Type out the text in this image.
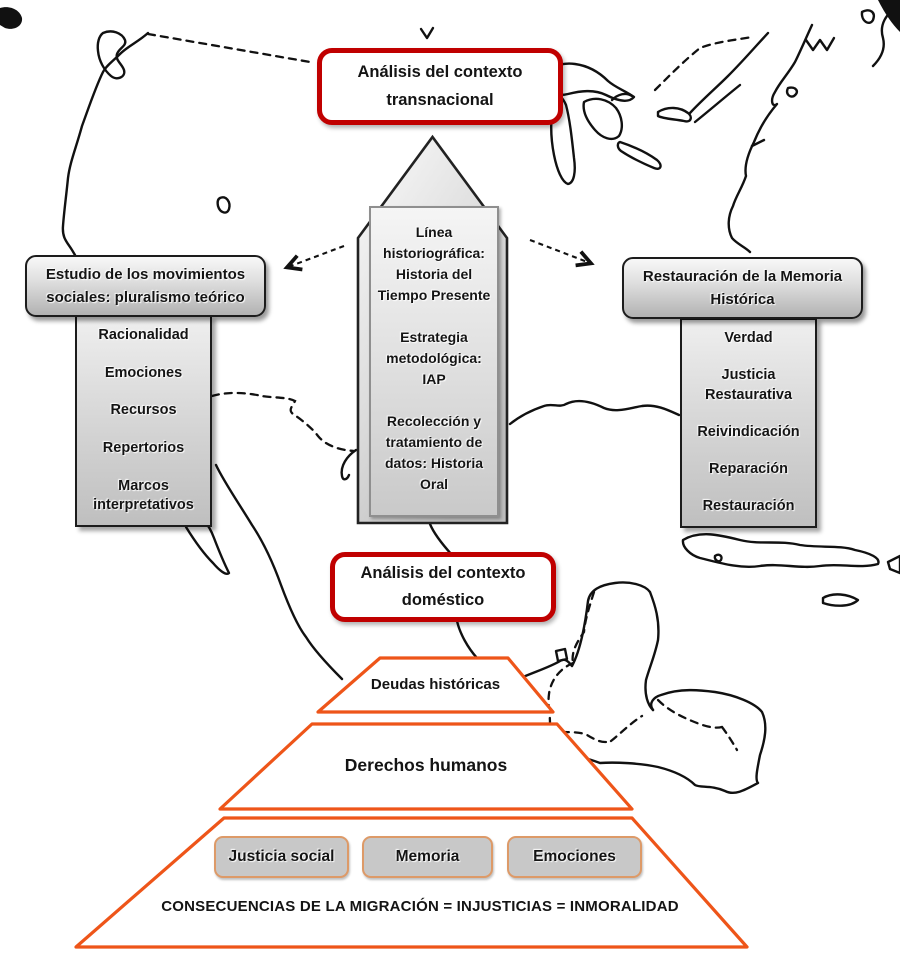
Análisis del contexto transnacional

Línea historiográfica: Historia del Tiempo Presente

Estrategia metodológica: IAP

Recolección y tratamiento de datos: Historia Oral

Estudio de los movimientos sociales: pluralismo teórico
Racionalidad
Emociones
Recursos
Repertorios
Marcos interpretativos
Restauración de la Memoria Histórica
Verdad
Justicia Restaurativa
Reivindicación
Reparación
Restauración
Análisis del contexto doméstico
Deudas históricas
Derechos humanos
CONSECUENCIAS DE LA MIGRACIÓN = INJUSTICIAS = INMORALIDAD
Justicia social	Memoria	Emociones
